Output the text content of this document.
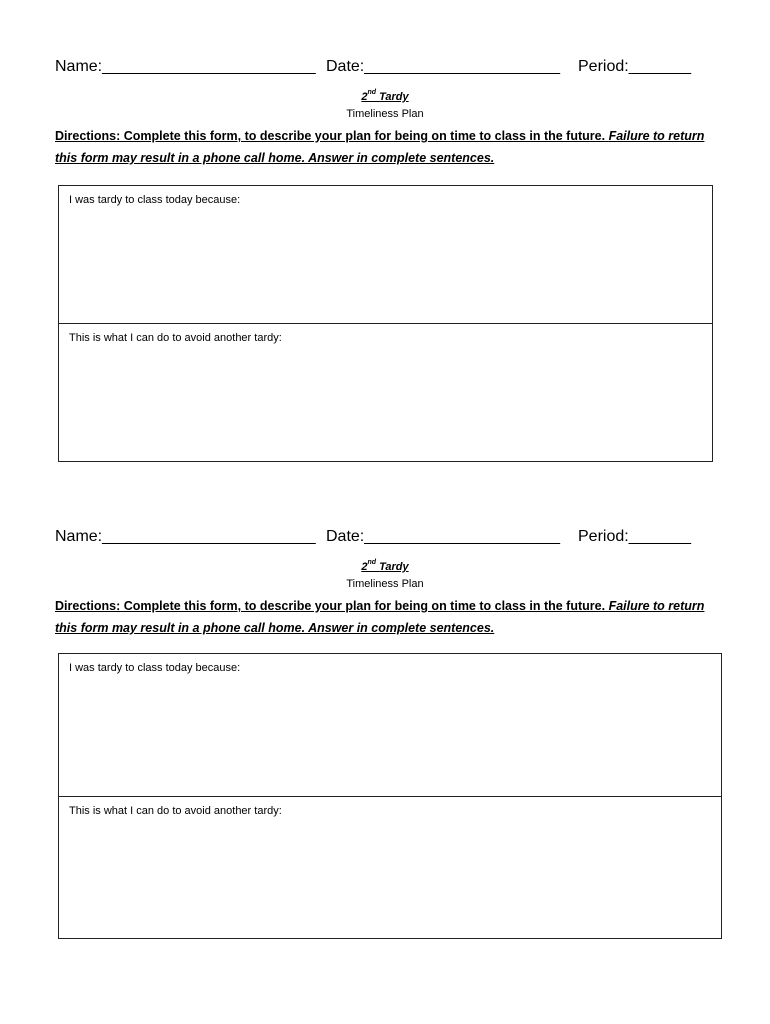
Name:________________________ Date:______________________ Period:_______
2nd Tardy
Timeliness Plan
Directions: Complete this form, to describe your plan for being on time to class in the future. Failure to return this form may result in a phone call home. Answer in complete sentences.
I was tardy to class today because:
This is what I can do to avoid another tardy:
Name:________________________ Date:______________________ Period:_______
2nd Tardy
Timeliness Plan
Directions: Complete this form, to describe your plan for being on time to class in the future. Failure to return this form may result in a phone call home. Answer in complete sentences.
I was tardy to class today because:
This is what I can do to avoid another tardy:
